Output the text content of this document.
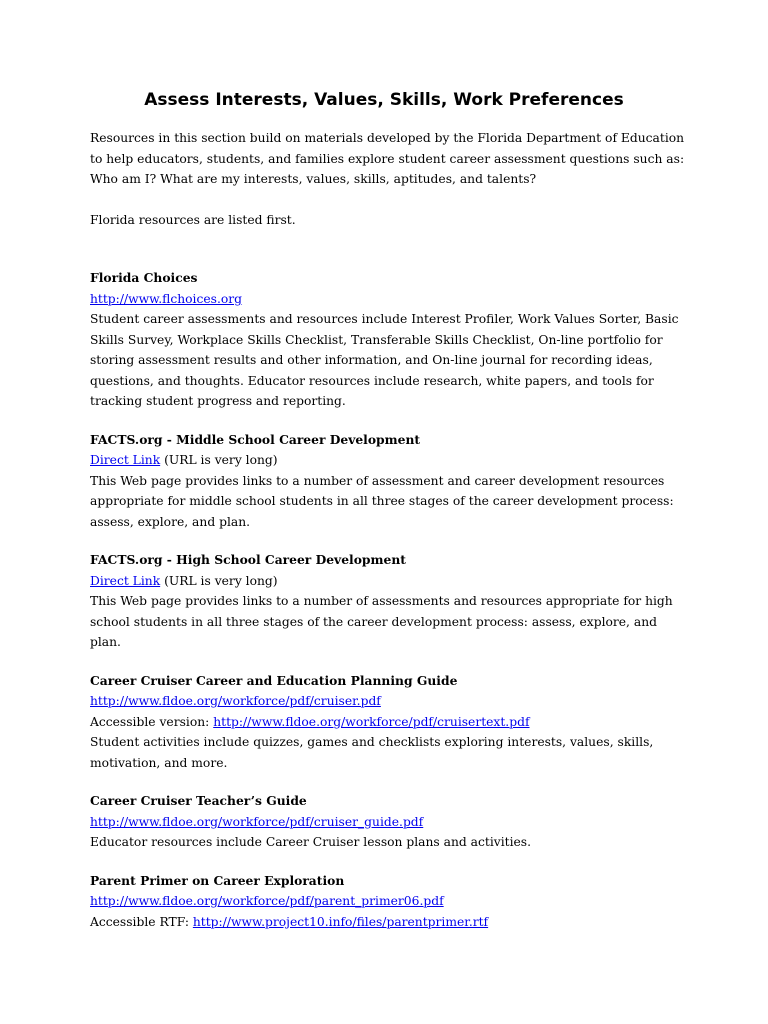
Assess Interests, Values, Skills, Work Preferences

Resources in this section build on materials developed by the Florida Department of Education to help educators, students, and families explore student career assessment questions such as: Who am I? What are my interests, values, skills, aptitudes, and talents?

Florida resources are listed first.

Florida Choices

http://www.flchoices.org

Student career assessments and resources include Interest Profiler, Work Values Sorter, Basic Skills Survey, Workplace Skills Checklist, Transferable Skills Checklist, On-line portfolio for storing assessment results and other information, and On-line journal for recording ideas, questions, and thoughts. Educator resources include research, white papers, and tools for tracking student progress and reporting.

FACTS.org - Middle School Career Development

Direct Link (URL is very long)

This Web page provides links to a number of assessment and career development resources appropriate for middle school students in all three stages of the career development process: assess, explore, and plan.

FACTS.org - High School Career Development

Direct Link (URL is very long)

This Web page provides links to a number of assessments and resources appropriate for high school students in all three stages of the career development process: assess, explore, and plan.

Career Cruiser Career and Education Planning Guide

http://www.fldoe.org/workforce/pdf/cruiser.pdf

Accessible version: http://www.fldoe.org/workforce/pdf/cruisertext.pdf

Student activities include quizzes, games and checklists exploring interests, values, skills, motivation, and more.

Career Cruiser Teacher’s Guide

http://www.fldoe.org/workforce/pdf/cruiser_guide.pdf

Educator resources include Career Cruiser lesson plans and activities.

Parent Primer on Career Exploration

http://www.fldoe.org/workforce/pdf/parent_primer06.pdf

Accessible RTF: http://www.project10.info/files/parentprimer.rtf
